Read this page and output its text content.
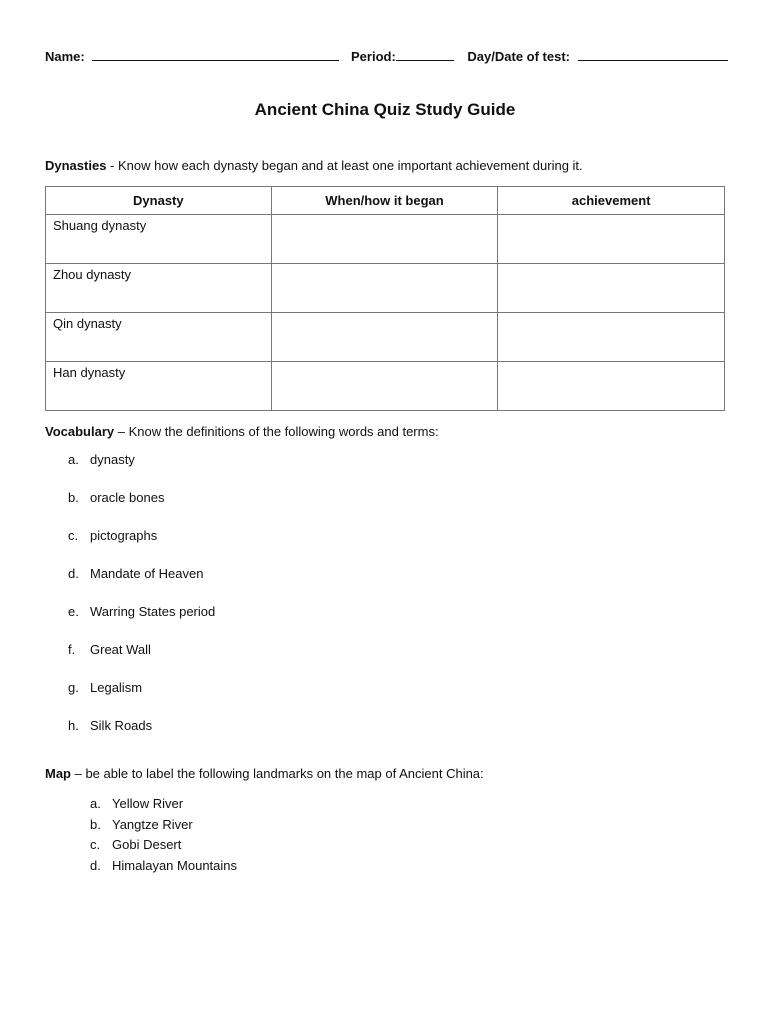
Name:	Period:	Day/Date of test:
Ancient China Quiz Study Guide
Dynasties - Know how each dynasty began and at least one important achievement during it.
Dynasty	When/how it began	achievement
Shuang dynasty		
Zhou dynasty		
Qin dynasty		
Han dynasty		
Vocabulary – Know the definitions of the following words and terms:
a. dynasty
b. oracle bones
c. pictographs
d. Mandate of Heaven
e. Warring States period
f. Great Wall
g. Legalism
h. Silk Roads
Map – be able to label the following landmarks on the map of Ancient China:
a. Yellow River
b. Yangtze River
c. Gobi Desert
d. Himalayan Mountains
